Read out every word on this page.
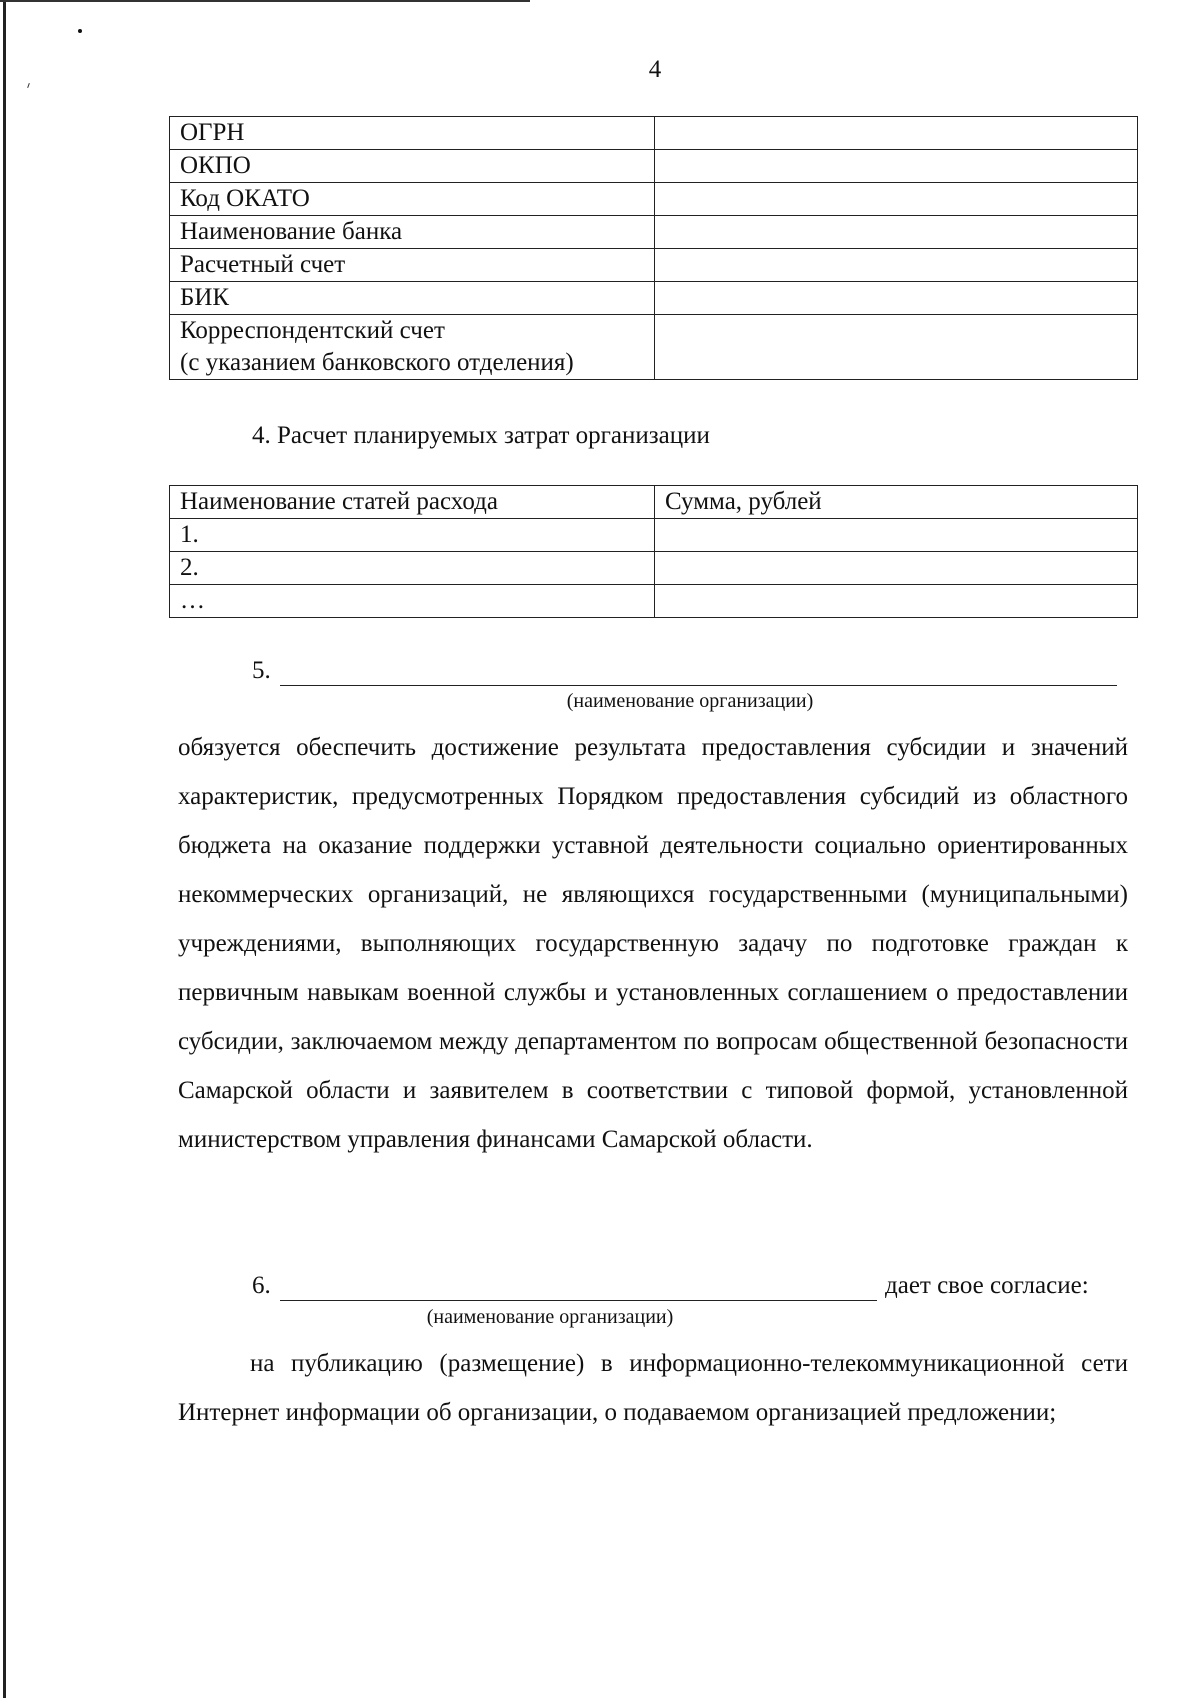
4
ОГРН	
ОКПО	
Код ОКАТО	
Наименование банка	
Расчетный счет	
БИК	

Корреспондентский счет
(с указанием банковского отделения)	

4. Расчет планируемых затрат организации
Наименование статей расхода	Сумма, рублей
1.	
2.	
…	
5.
(наименование организации)
обязуется обеспечить достижение результата предоставления субсидии и значений характеристик, предусмотренных Порядком предоставления субсидий из областного бюджета на оказание поддержки уставной деятельности социально ориентированных некоммерческих организаций, не являющихся государственными (муниципальными) учреждениями, выполняющих государственную задачу по подготовке граждан к первичным навыкам военной службы и установленных соглашением о предоставлении субсидии, заключаемом между департаментом по вопросам общественной безопасности Самарской области и заявителем в соответствии с типовой формой, установленной министерством управления финансами Самарской области.
6.	дает свое согласие:
(наименование организации)
на публикацию (размещение) в информационно-телекоммуникационной сети Интернет информации об организации, о подаваемом организацией предложении;
